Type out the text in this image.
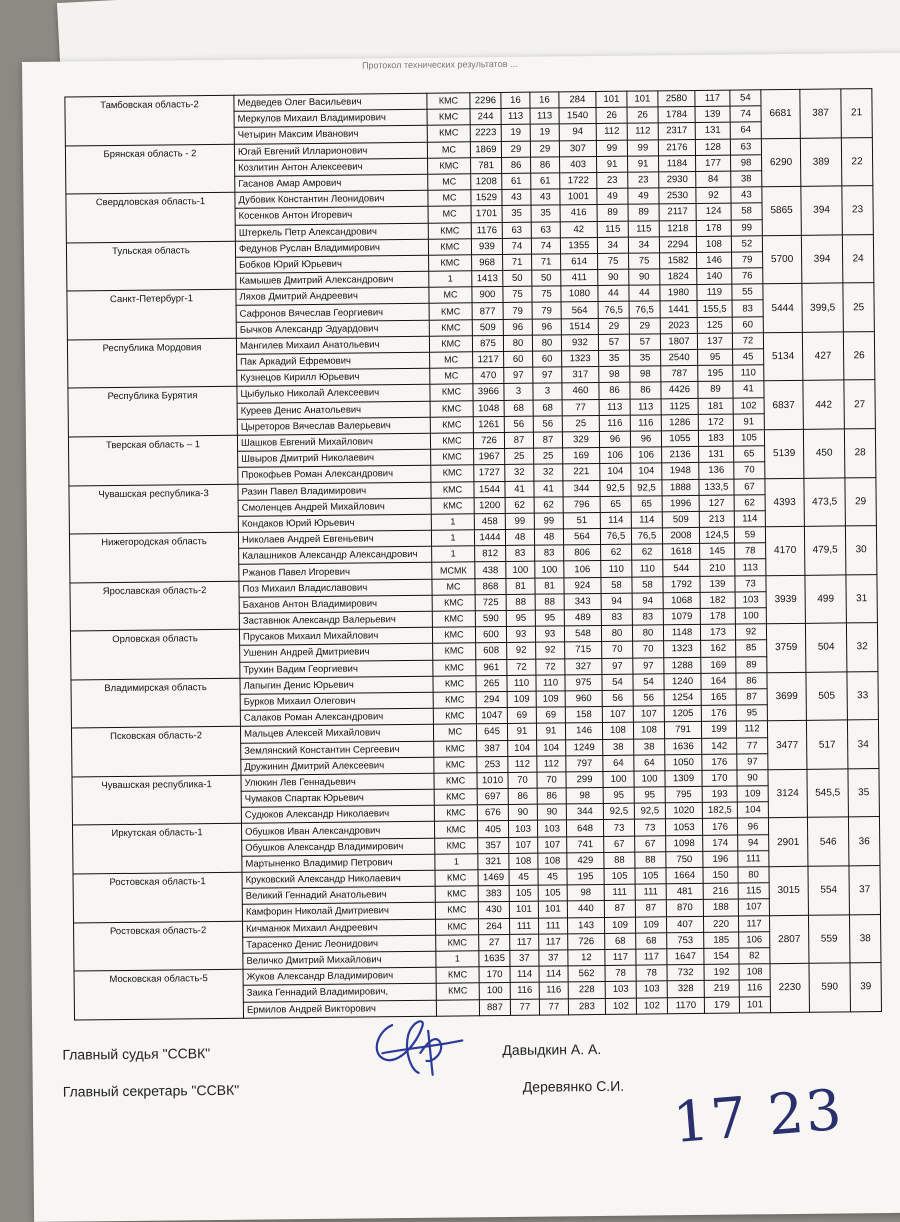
Протокол технических результатов ...
Тамбовская область-2	Медведев Олег Васильевич	КМС	2296	16	16	284	101	101	2580	117	54	6681	387	21
	Меркулов Михаил Владимирович	КМС	244	113	113	1540	26	26	1784	139	74			
	Четырин Максим Иванович	КМС	2223	19	19	94	112	112	2317	131	64			
Брянская область - 2	Югай Евгений Илларионович	МС	1869	29	29	307	99	99	2176	128	63	6290	389	22
	Козлитин Антон Алексеевич	КМС	781	86	86	403	91	91	1184	177	98			
	Гасанов Амар Амрович	МС	1208	61	61	1722	23	23	2930	84	38			
Свердловская область-1	Дубовик Константин Леонидович	МС	1529	43	43	1001	49	49	2530	92	43	5865	394	23
	Косенков Антон Игоревич	МС	1701	35	35	416	89	89	2117	124	58			
	Штеркель Петр Александрович	КМС	1176	63	63	42	115	115	1218	178	99			
Тульская область	Федунов Руслан Владимирович	КМС	939	74	74	1355	34	34	2294	108	52	5700	394	24
	Бобков Юрий Юрьевич	КМС	968	71	71	614	75	75	1582	146	79			
	Камышев Дмитрий Александрович	1	1413	50	50	411	90	90	1824	140	76			
Санкт-Петербург-1	Ляхов Дмитрий Андреевич	МС	900	75	75	1080	44	44	1980	119	55	5444	399,5	25
	Сафронов Вячеслав Георгиевич	КМС	877	79	79	564	76,5	76,5	1441	155,5	83			
	Бычков Александр Эдуардович	КМС	509	96	96	1514	29	29	2023	125	60			
Республика Мордовия	Мангилев Михаил Анатольевич	КМС	875	80	80	932	57	57	1807	137	72	5134	427	26
	Пак Аркадий Ефремович	МС	1217	60	60	1323	35	35	2540	95	45			
	Кузнецов Кирилл Юрьевич	МС	470	97	97	317	98	98	787	195	110			
Республика Бурятия	Цыбулько Николай Алексеевич	КМС	3966	3	3	460	86	86	4426	89	41	6837	442	27
	Куреев Денис Анатольевич	КМС	1048	68	68	77	113	113	1125	181	102			
	Цыреторов Вячеслав Валерьевич	КМС	1261	56	56	25	116	116	1286	172	91			
Тверская область – 1	Шашков Евгений Михайлович	КМС	726	87	87	329	96	96	1055	183	105	5139	450	28
	Швыров Дмитрий Николаевич	КМС	1967	25	25	169	106	106	2136	131	65			
	Прокофьев Роман Александрович	КМС	1727	32	32	221	104	104	1948	136	70			
Чувашская республика-3	Разин Павел Владимирович	КМС	1544	41	41	344	92,5	92,5	1888	133,5	67	4393	473,5	29
	Смоленцев Андрей Михайлович	КМС	1200	62	62	796	65	65	1996	127	62			
	Кондаков Юрий Юрьевич	1	458	99	99	51	114	114	509	213	114			
Нижегородская область	Николаев Андрей Евгеньевич	1	1444	48	48	564	76,5	76,5	2008	124,5	59	4170	479,5	30
	Калашников Александр Александрович	1	812	83	83	806	62	62	1618	145	78			
	Ржанов Павел Игоревич	МСМК	438	100	100	106	110	110	544	210	113			
Ярославская область-2	Поз Михаил Владиславович	МС	868	81	81	924	58	58	1792	139	73	3939	499	31
	Баханов Антон Владимирович	КМС	725	88	88	343	94	94	1068	182	103			
	Заставнюк Александр Валерьевич	КМС	590	95	95	489	83	83	1079	178	100			
Орловская область	Прусаков Михаил Михайлович	КМС	600	93	93	548	80	80	1148	173	92	3759	504	32
	Ушенин Андрей Дмитриевич	КМС	608	92	92	715	70	70	1323	162	85			
	Трухин Вадим Георгиевич	КМС	961	72	72	327	97	97	1288	169	89			
Владимирская область	Лапыгин Денис Юрьевич	КМС	265	110	110	975	54	54	1240	164	86	3699	505	33
	Бурков Михаил Олегович	КМС	294	109	109	960	56	56	1254	165	87			
	Салаков Роман Александрович	КМС	1047	69	69	158	107	107	1205	176	95			
Псковская область-2	Мальцев Алексей Михайлович	МС	645	91	91	146	108	108	791	199	112	3477	517	34
	Землянский Константин Сергеевич	КМС	387	104	104	1249	38	38	1636	142	77			
	Дружинин Дмитрий Алексеевич	КМС	253	112	112	797	64	64	1050	176	97			
Чувашская республика-1	Улюкин Лев Геннадьевич	КМС	1010	70	70	299	100	100	1309	170	90	3124	545,5	35
	Чумаков Спартак Юрьевич	КМС	697	86	86	98	95	95	795	193	109			
	Судюков Александр Николаевич	КМС	676	90	90	344	92,5	92,5	1020	182,5	104			
Иркутская область-1	Обушков Иван Александрович	КМС	405	103	103	648	73	73	1053	176	96	2901	546	36
	Обушков Александр Владимирович	КМС	357	107	107	741	67	67	1098	174	94			
	Мартыненко Владимир Петрович	1	321	108	108	429	88	88	750	196	111			
Ростовская область-1	Круковский Александр Николаевич	КМС	1469	45	45	195	105	105	1664	150	80	3015	554	37
	Великий Геннадий Анатольевич	КМС	383	105	105	98	111	111	481	216	115			
	Камфорин Николай Дмитриевич	КМС	430	101	101	440	87	87	870	188	107			
Ростовская область-2	Кичманюк Михаил Андреевич	КМС	264	111	111	143	109	109	407	220	117	2807	559	38
	Тарасенко Денис Леонидович	КМС	27	117	117	726	68	68	753	185	106			
	Величко Дмитрий Михайлович	1	1635	37	37	12	117	117	1647	154	82			
Московская область-5	Жуков Александр Владимирович	КМС	170	114	114	562	78	78	732	192	108	2230	590	39
	Заика Геннадий Владимирович,	КМС	100	116	116	228	103	103	328	219	116			
	Ермилов Андрей Викторович		887	77	77	283	102	102	1170	179	101			
Главный судья "ССВК"	Давыдкин А. А.
Главный секретарь "ССВК"	Деревянко С.И. 17 23
